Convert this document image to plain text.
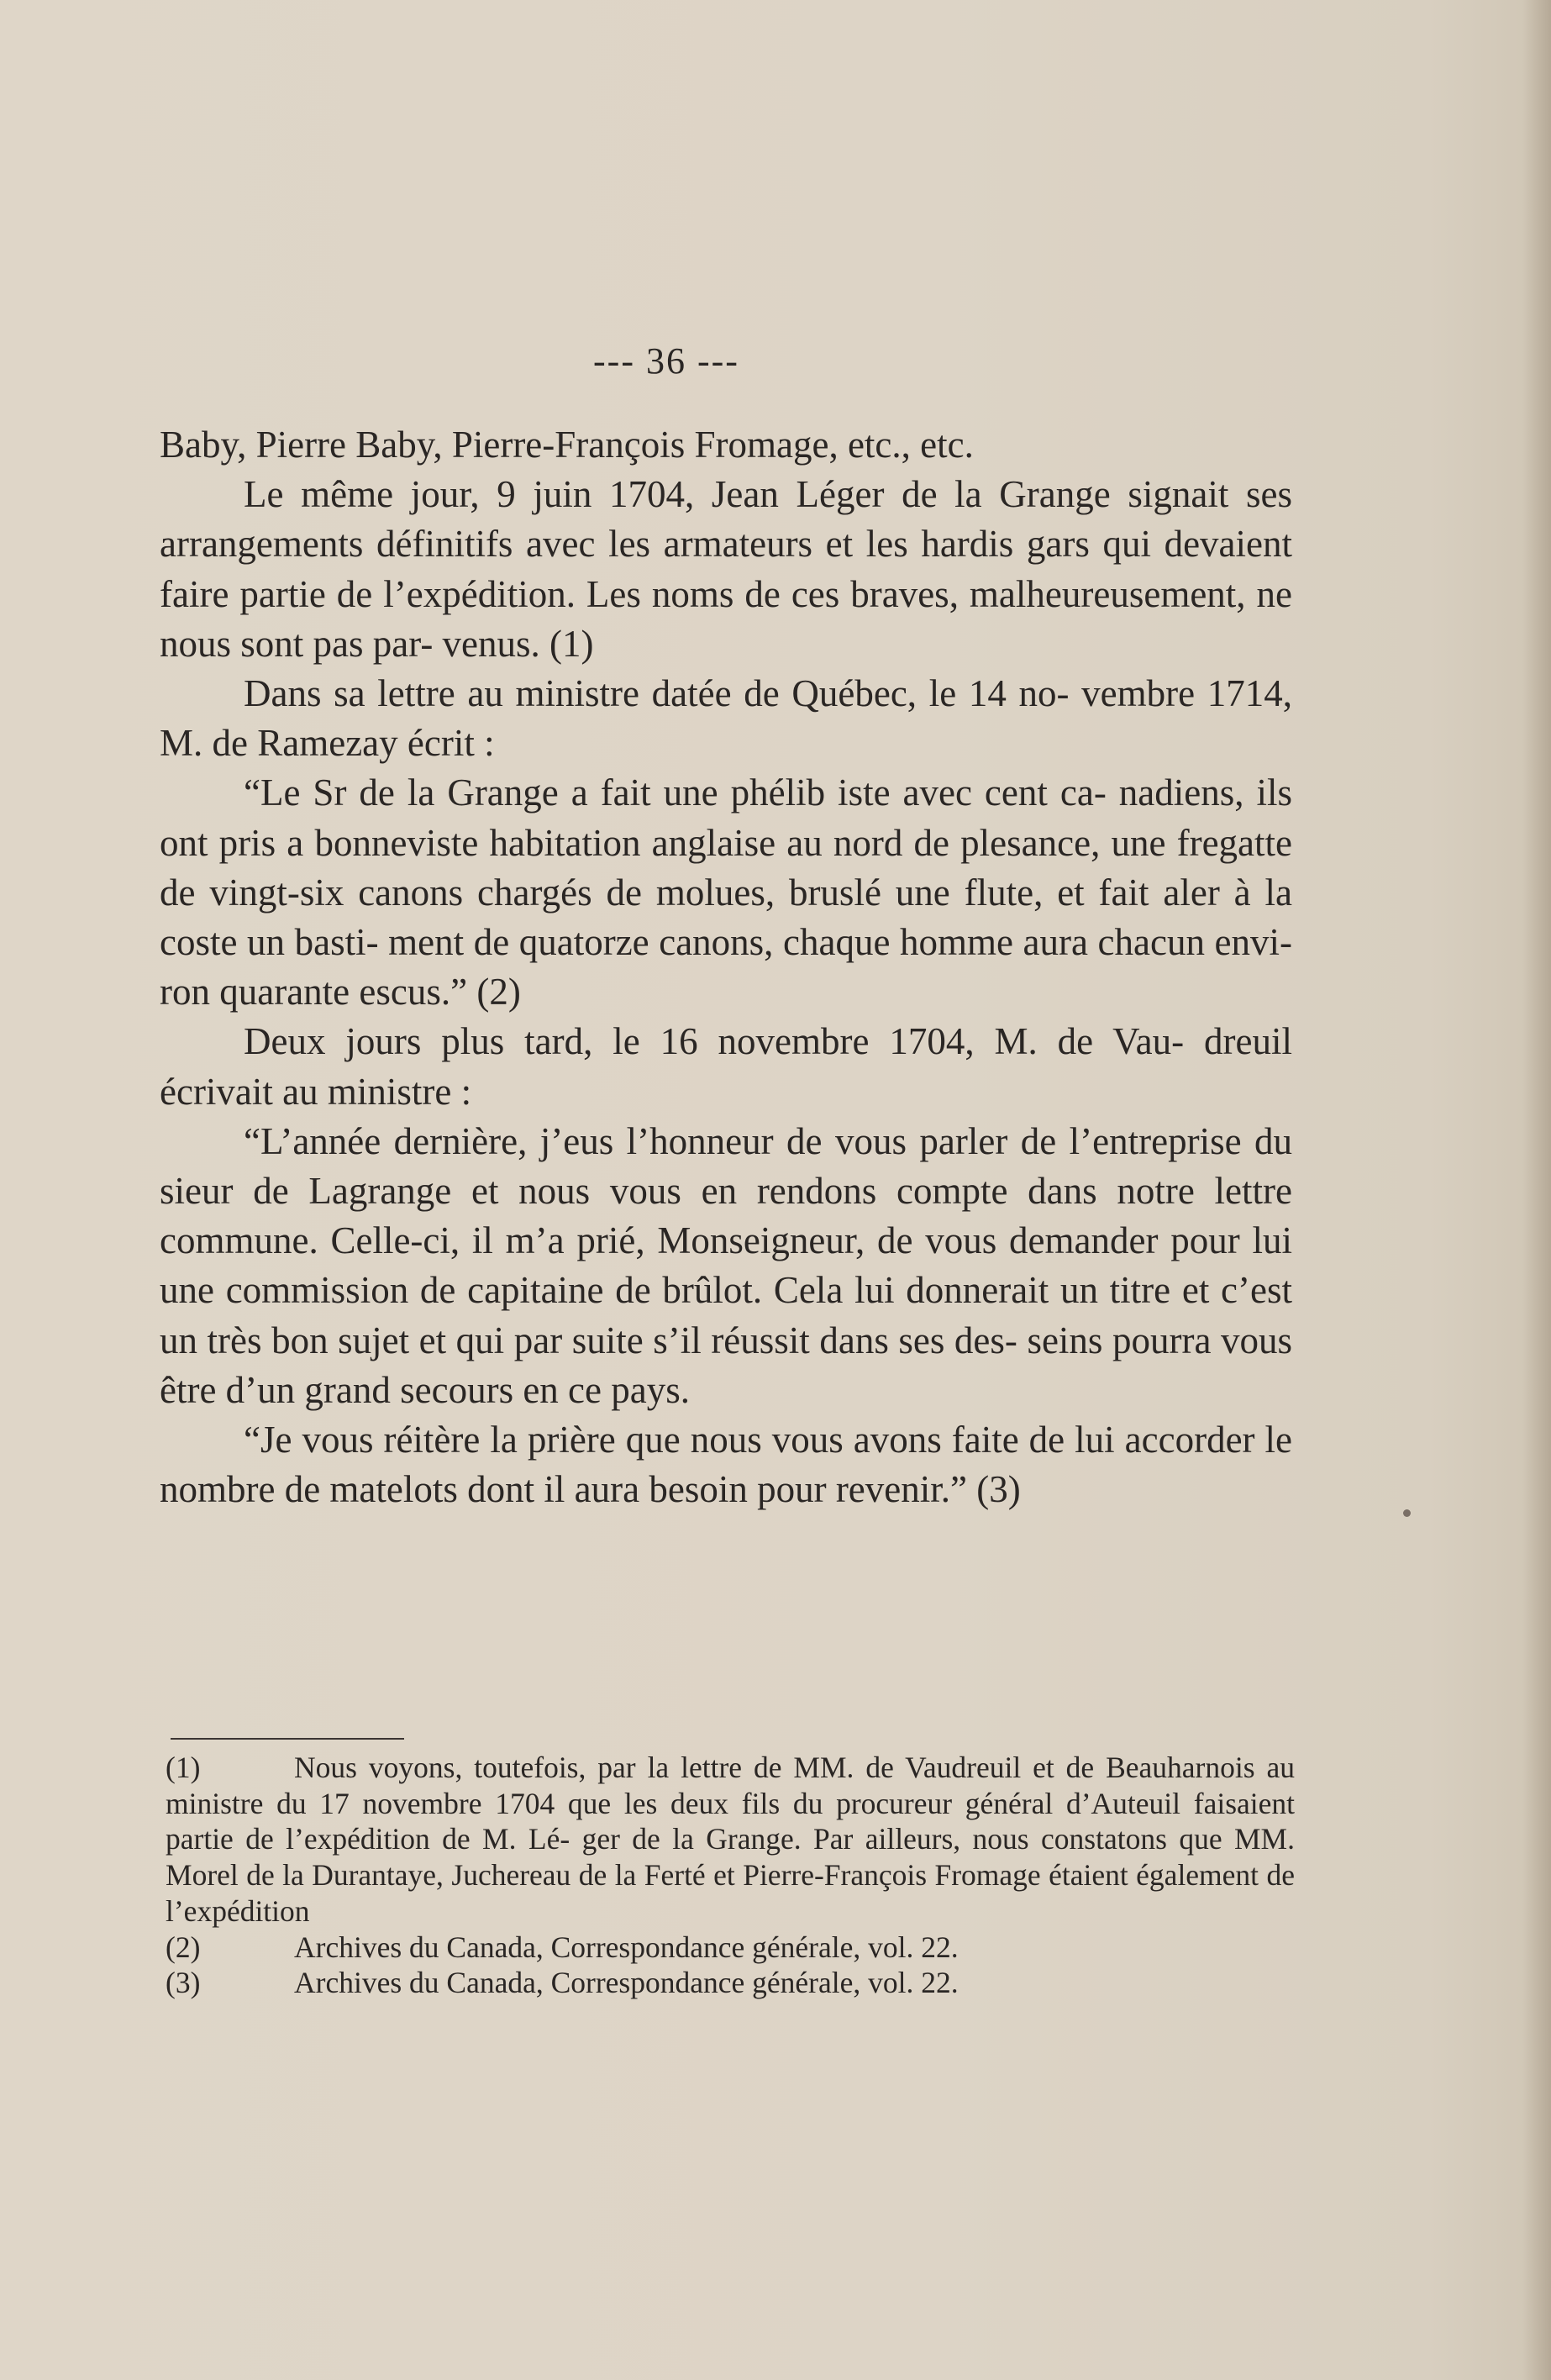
--- 36 ---

Baby, Pierre Baby, Pierre-François Fromage, etc., etc.

Le même jour, 9 juin 1704, Jean Léger de la Grange signait ses arrangements définitifs avec les armateurs et les hardis gars qui devaient faire partie de l’expédition. Les noms de ces braves, malheureusement, ne nous sont pas par- venus. (1)

Dans sa lettre au ministre datée de Québec, le 14 no- vembre 1714, M. de Ramezay écrit :

“Le Sr de la Grange a fait une phélib iste avec cent ca- nadiens, ils ont pris a bonneviste habitation anglaise au nord de plesance, une fregatte de vingt-six canons chargés de molues, bruslé une flute, et fait aler à la coste un basti- ment de quatorze canons, chaque homme aura chacun envi- ron quarante escus.” (2)

Deux jours plus tard, le 16 novembre 1704, M. de Vau- dreuil écrivait au ministre :

“L’année dernière, j’eus l’honneur de vous parler de l’entreprise du sieur de Lagrange et nous vous en rendons compte dans notre lettre commune. Celle-ci, il m’a prié, Monseigneur, de vous demander pour lui une commission de capitaine de brûlot. Cela lui donnerait un titre et c’est un très bon sujet et qui par suite s’il réussit dans ses des- seins pourra vous être d’un grand secours en ce pays.

“Je vous réitère la prière que nous vous avons faite de lui accorder le nombre de matelots dont il aura besoin pour revenir.” (3)

(1)	Nous voyons, toutefois, par la lettre de MM. de Vaudreuil et de Beauharnois au ministre du 17 novembre 1704 que les deux fils du procureur général d’Auteuil faisaient partie de l’expédition de M. Lé- ger de la Grange. Par ailleurs, nous constatons que MM. Morel de la Durantaye, Juchereau de la Ferté et Pierre-François Fromage étaient également de l’expédition

(2)	Archives du Canada, Correspondance générale, vol. 22.

(3)	Archives du Canada, Correspondance générale, vol. 22.
